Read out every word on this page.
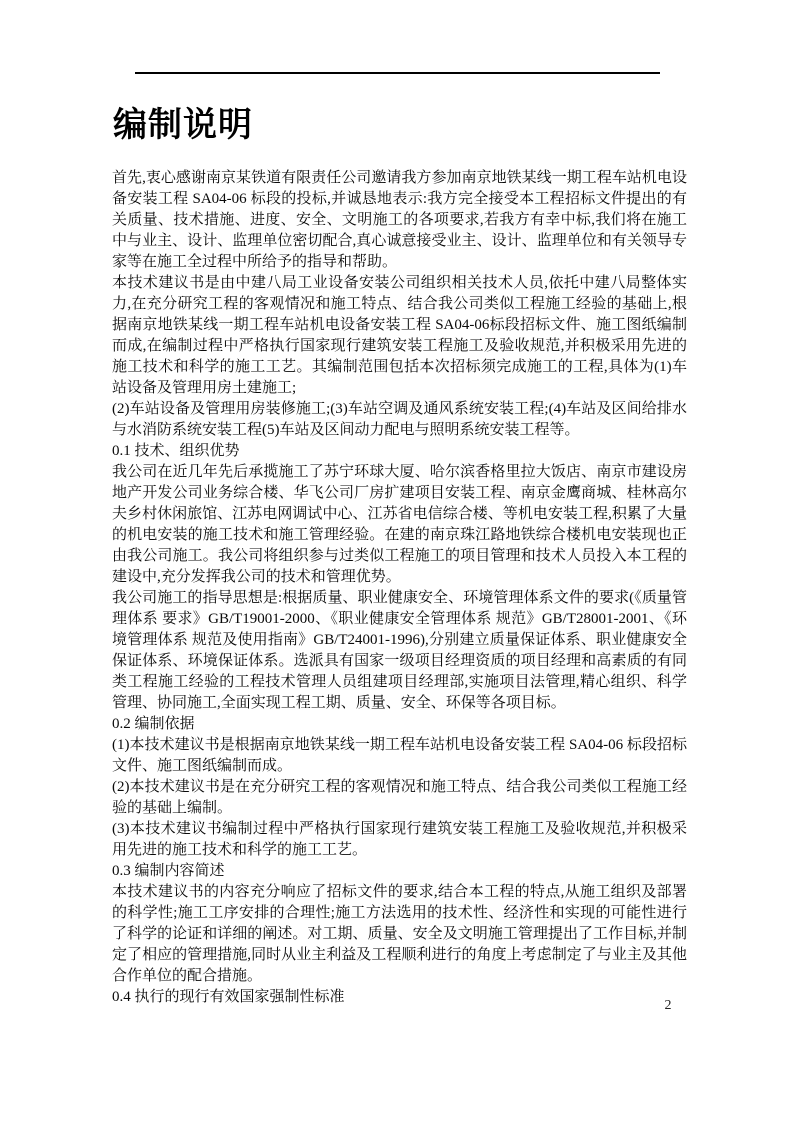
编制说明

首先,衷心感谢南京某铁道有限责任公司邀请我方参加南京地铁某线一期工程车站机电设备安装工程 SA04-06 标段的投标,并诚恳地表示:我方完全接受本工程招标文件提出的有关质量、技术措施、进度、安全、文明施工的各项要求,若我方有幸中标,我们将在施工中与业主、设计、监理单位密切配合,真心诚意接受业主、设计、监理单位和有关领导专家等在施工全过程中所给予的指导和帮助。

本技术建议书是由中建八局工业设备安装公司组织相关技术人员,依托中建八局整体实力,在充分研究工程的客观情况和施工特点、结合我公司类似工程施工经验的基础上,根据南京地铁某线一期工程车站机电设备安装工程 SA04-06标段招标文件、施工图纸编制而成,在编制过程中严格执行国家现行建筑安装工程施工及验收规范,并积极采用先进的施工技术和科学的施工工艺。其编制范围包括本次招标须完成施工的工程,具体为(1)车站设备及管理用房土建施工;

(2)车站设备及管理用房装修施工;(3)车站空调及通风系统安装工程;(4)车站及区间给排水与水消防系统安装工程(5)车站及区间动力配电与照明系统安装工程等。

0.1 技术、组织优势

我公司在近几年先后承揽施工了苏宁环球大厦、哈尔滨香格里拉大饭店、南京市建设房地产开发公司业务综合楼、华飞公司厂房扩建项目安装工程、南京金鹰商城、桂林高尔夫乡村休闲旅馆、江苏电网调试中心、江苏省电信综合楼、等机电安装工程,积累了大量的机电安装的施工技术和施工管理经验。在建的南京珠江路地铁综合楼机电安装现也正由我公司施工。我公司将组织参与过类似工程施工的项目管理和技术人员投入本工程的建设中,充分发挥我公司的技术和管理优势。

我公司施工的指导思想是:根据质量、职业健康安全、环境管理体系文件的要求(《质量管理体系 要求》GB/T19001-2000、《职业健康安全管理体系 规范》GB/T28001-2001、《环境管理体系 规范及使用指南》GB/T24001-1996),分别建立质量保证体系、职业健康安全保证体系、环境保证体系。选派具有国家一级项目经理资质的项目经理和高素质的有同类工程施工经验的工程技术管理人员组建项目经理部,实施项目法管理,精心组织、科学管理、协同施工,全面实现工程工期、质量、安全、环保等各项目标。

0.2 编制依据

(1)本技术建议书是根据南京地铁某线一期工程车站机电设备安装工程 SA04-06 标段招标文件、施工图纸编制而成。

(2)本技术建议书是在充分研究工程的客观情况和施工特点、结合我公司类似工程施工经验的基础上编制。

(3)本技术建议书编制过程中严格执行国家现行建筑安装工程施工及验收规范,并积极采用先进的施工技术和科学的施工工艺。

0.3 编制内容简述

本技术建议书的内容充分响应了招标文件的要求,结合本工程的特点,从施工组织及部署的科学性;施工工序安排的合理性;施工方法选用的技术性、经济性和实现的可能性进行了科学的论证和详细的阐述。对工期、质量、安全及文明施工管理提出了工作目标,并制定了相应的管理措施,同时从业主利益及工程顺利进行的角度上考虑制定了与业主及其他合作单位的配合措施。

0.4 执行的现行有效国家强制性标准

2
